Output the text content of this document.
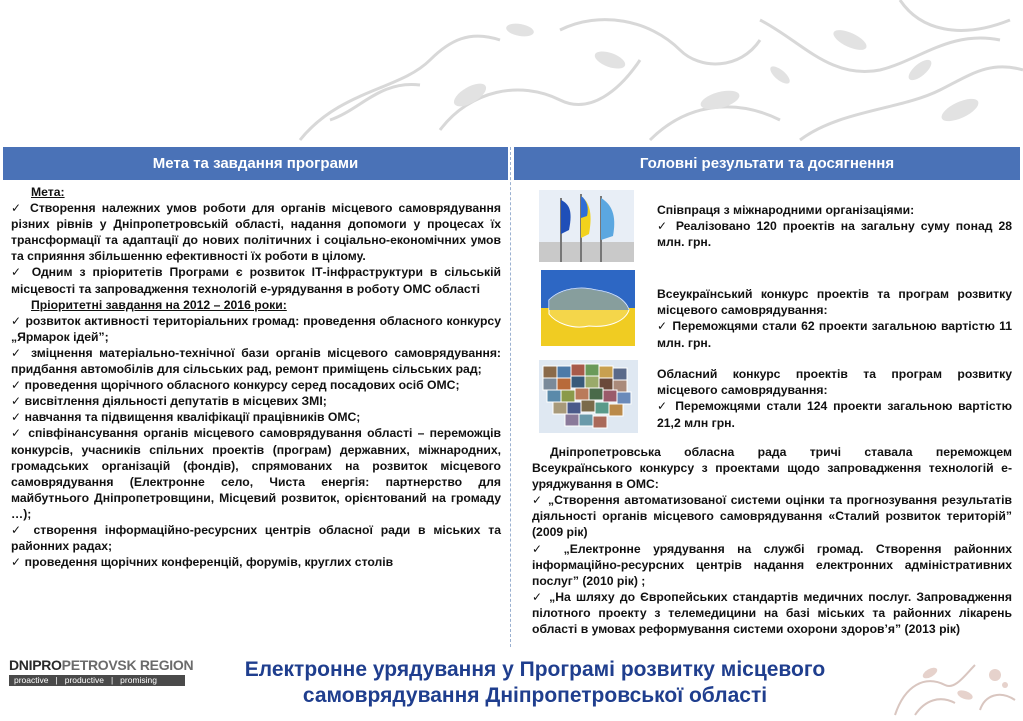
Мета та завдання програми	Головні результати та досягнення

Мета:

✓ Створення належних умов роботи для органів місцевого самоврядування різних рівнів у Дніпропетровській області, надання допомоги у процесах їх трансформації та адаптації до нових політичних і соціально-економічних умов та сприяння збільшенню ефективності їх роботи в цілому.

✓ Одним з пріоритетів Програми є розвиток ІТ-інфраструктури в сільській місцевості та запровадження технологій е-урядування в роботу ОМС області

Пріоритетні завдання на 2012 – 2016 роки:

✓ розвиток активності територіальних громад: проведення обласного конкурсу „Ярмарок ідей”;

✓ зміцнення матеріально-технічної бази органів місцевого самоврядування: придбання автомобілів для сільських рад, ремонт приміщень сільських рад;

✓ проведення щорічного обласного конкурсу серед посадових осіб ОМС;

✓ висвітлення діяльності депутатів в місцевих ЗМІ;

✓ навчання та підвищення кваліфікації працівників ОМС;

✓ співфінансування органів місцевого самоврядування області – переможців конкурсів, учасників спільних проектів (програм) державних, міжнародних, громадських організацій (фондів), спрямованих на розвиток місцевого самоврядування (Електронне село, Чиста енергія: партнерство для майбутнього Дніпропетровщини, Місцевий розвиток, орієнтований на громаду …);

✓ створення інформаційно-ресурсних центрів обласної ради в міських та районних радах;

✓ проведення щорічних конференцій, форумів, круглих столів

Співпраця з міжнародними організаціями:

✓ Реалізовано 120 проектів на загальну суму понад 28 млн. грн.

Всеукраїнський конкурс проектів та програм розвитку місцевого самоврядування:

✓ Переможцями стали 62 проекти загальною вартістю 11 млн. грн.

Обласний конкурс проектів та програм розвитку місцевого самоврядування:

✓ Переможцями стали 124 проекти загальною вартістю 21,2 млн грн.

Дніпропетровська обласна рада тричі ставала переможцем Всеукраїнського конкурсу з проектами щодо запровадження технологій е-уряджування в ОМС:

✓ „Створення автоматизованої системи оцінки та прогнозування результатів діяльності органів місцевого самоврядування «Сталий розвиток територій” (2009 рік)

✓ „Електронне урядування на службі громад. Створення районних інформаційно-ресурсних центрів надання електронних адміністративних послуг” (2010 рік) ;

✓ „На шляху до Європейських стандартів медичних послуг. Запровадження пілотного проекту з телемедицини на базі міських та районних лікарень області в умовах реформування системи охорони здоров’я” (2013 рік)

DNIPROPETROVSK REGION
proactive | productive | promising	Електронне урядування у Програмі розвитку місцевого
самоврядування Дніпропетровської області
